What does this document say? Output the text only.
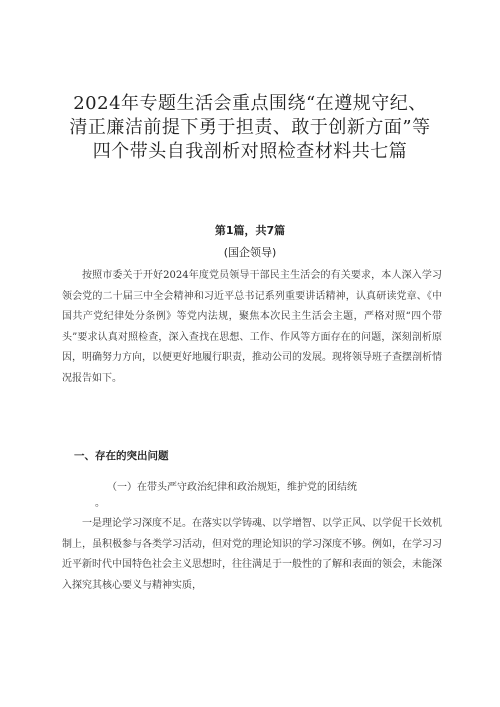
2024年专题生活会重点围绕“在遵规守纪、
清正廉洁前提下勇于担责、敢于创新方面”等
四个带头自我剖析对照检查材料共七篇
第1篇，共7篇
(国企领导)

按照市委关于开好2024年度党员领导干部民主生活会的有关要求，本人深入学习领会党的二十届三中全会精神和习近平总书记系列重要讲话精神，认真研读党章、《中国共产党纪律处分条例》等党内法规，聚焦本次民主生活会主题，严格对照“四个带头”要求认真对照检查，深入查找在思想、工作、作风等方面存在的问题，深刻剖析原因，明确努力方向，以便更好地履行职责，推动公司的发展。现将领导班子查摆剖析情况报告如下。

一、存在的突出问题
（一）在带头严守政治纪律和政治规矩，维护党的团结统
。

一是理论学习深度不足。在落实以学铸魂、以学增智、以学正风、以学促干长效机制上，虽积极参与各类学习活动，但对党的理论知识的学习深度不够。例如，在学习习近平新时代中国特色社会主义思想时，往往满足于一般性的了解和表面的领会，未能深入探究其核心要义与精神实质，
